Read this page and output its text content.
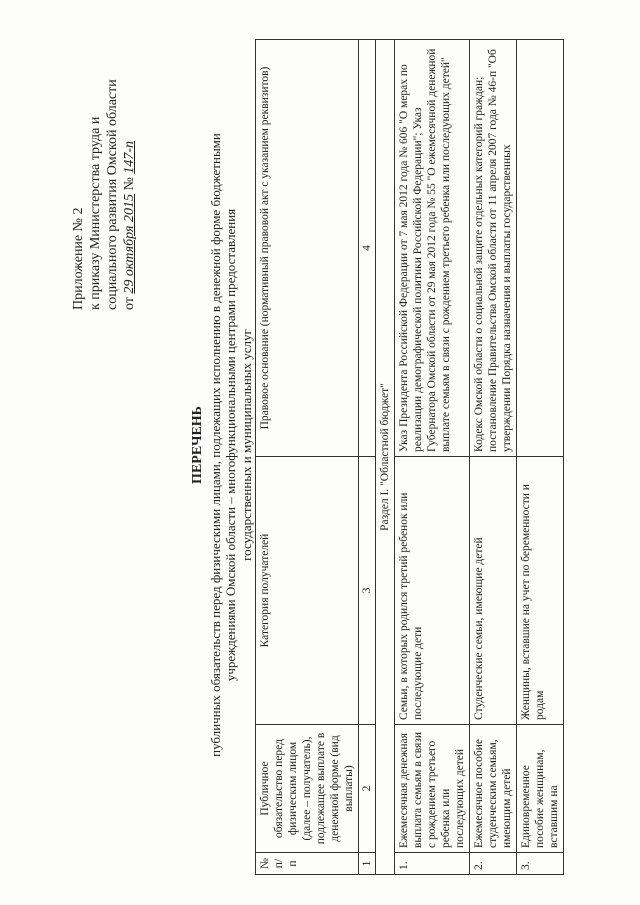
Приложение № 2 к приказу Министерства труда и социального развития Омской области от 29 октября 2015 № 147-п
ПЕРЕЧЕНЬ публичных обязательств перед физическими лицами, подлежащих исполнению в денежной форме бюджетными учреждениями Омской области – многофункциональными центрами предоставления государственных и муниципальных услуг
№ п/п	Публичное обязательство перед физическим лицом (далее – получатель), подлежащее выплате в денежной форме (вид выплаты)	Категория получателей	Правовое основание (нормативный правовой акт с указанием реквизитов)
1	2	3	4
Раздел I. "Областной бюджет"			
1.	Ежемесячная денежная выплата семьям в связи с рождением третьего ребенка или последующих детей	Семьи, в которых родился третий ребенок или последующие дети	Указ Президента Российской Федерации от 7 мая 2012 года № 606 "О мерах по реализации демографической политики Российской Федерации"; Указ Губернатора Омской области от 29 мая 2012 года № 55 "О ежемесячной денежной выплате семьям в связи с рождением третьего ребенка или последующих детей"
2.	Ежемесячное пособие студенческим семьям, имеющим детей	Студенческие семьи, имеющие детей	Кодекс Омской области о социальной защите отдельных категорий граждан; постановление Правительства Омской области от 11 апреля 2007 года № 46-п "Об утверждении Порядка назначения и выплаты государственных
3.	Единовременное пособие женщинам, вставшим на	Женщины, вставшие на учет по беременности и родам	
